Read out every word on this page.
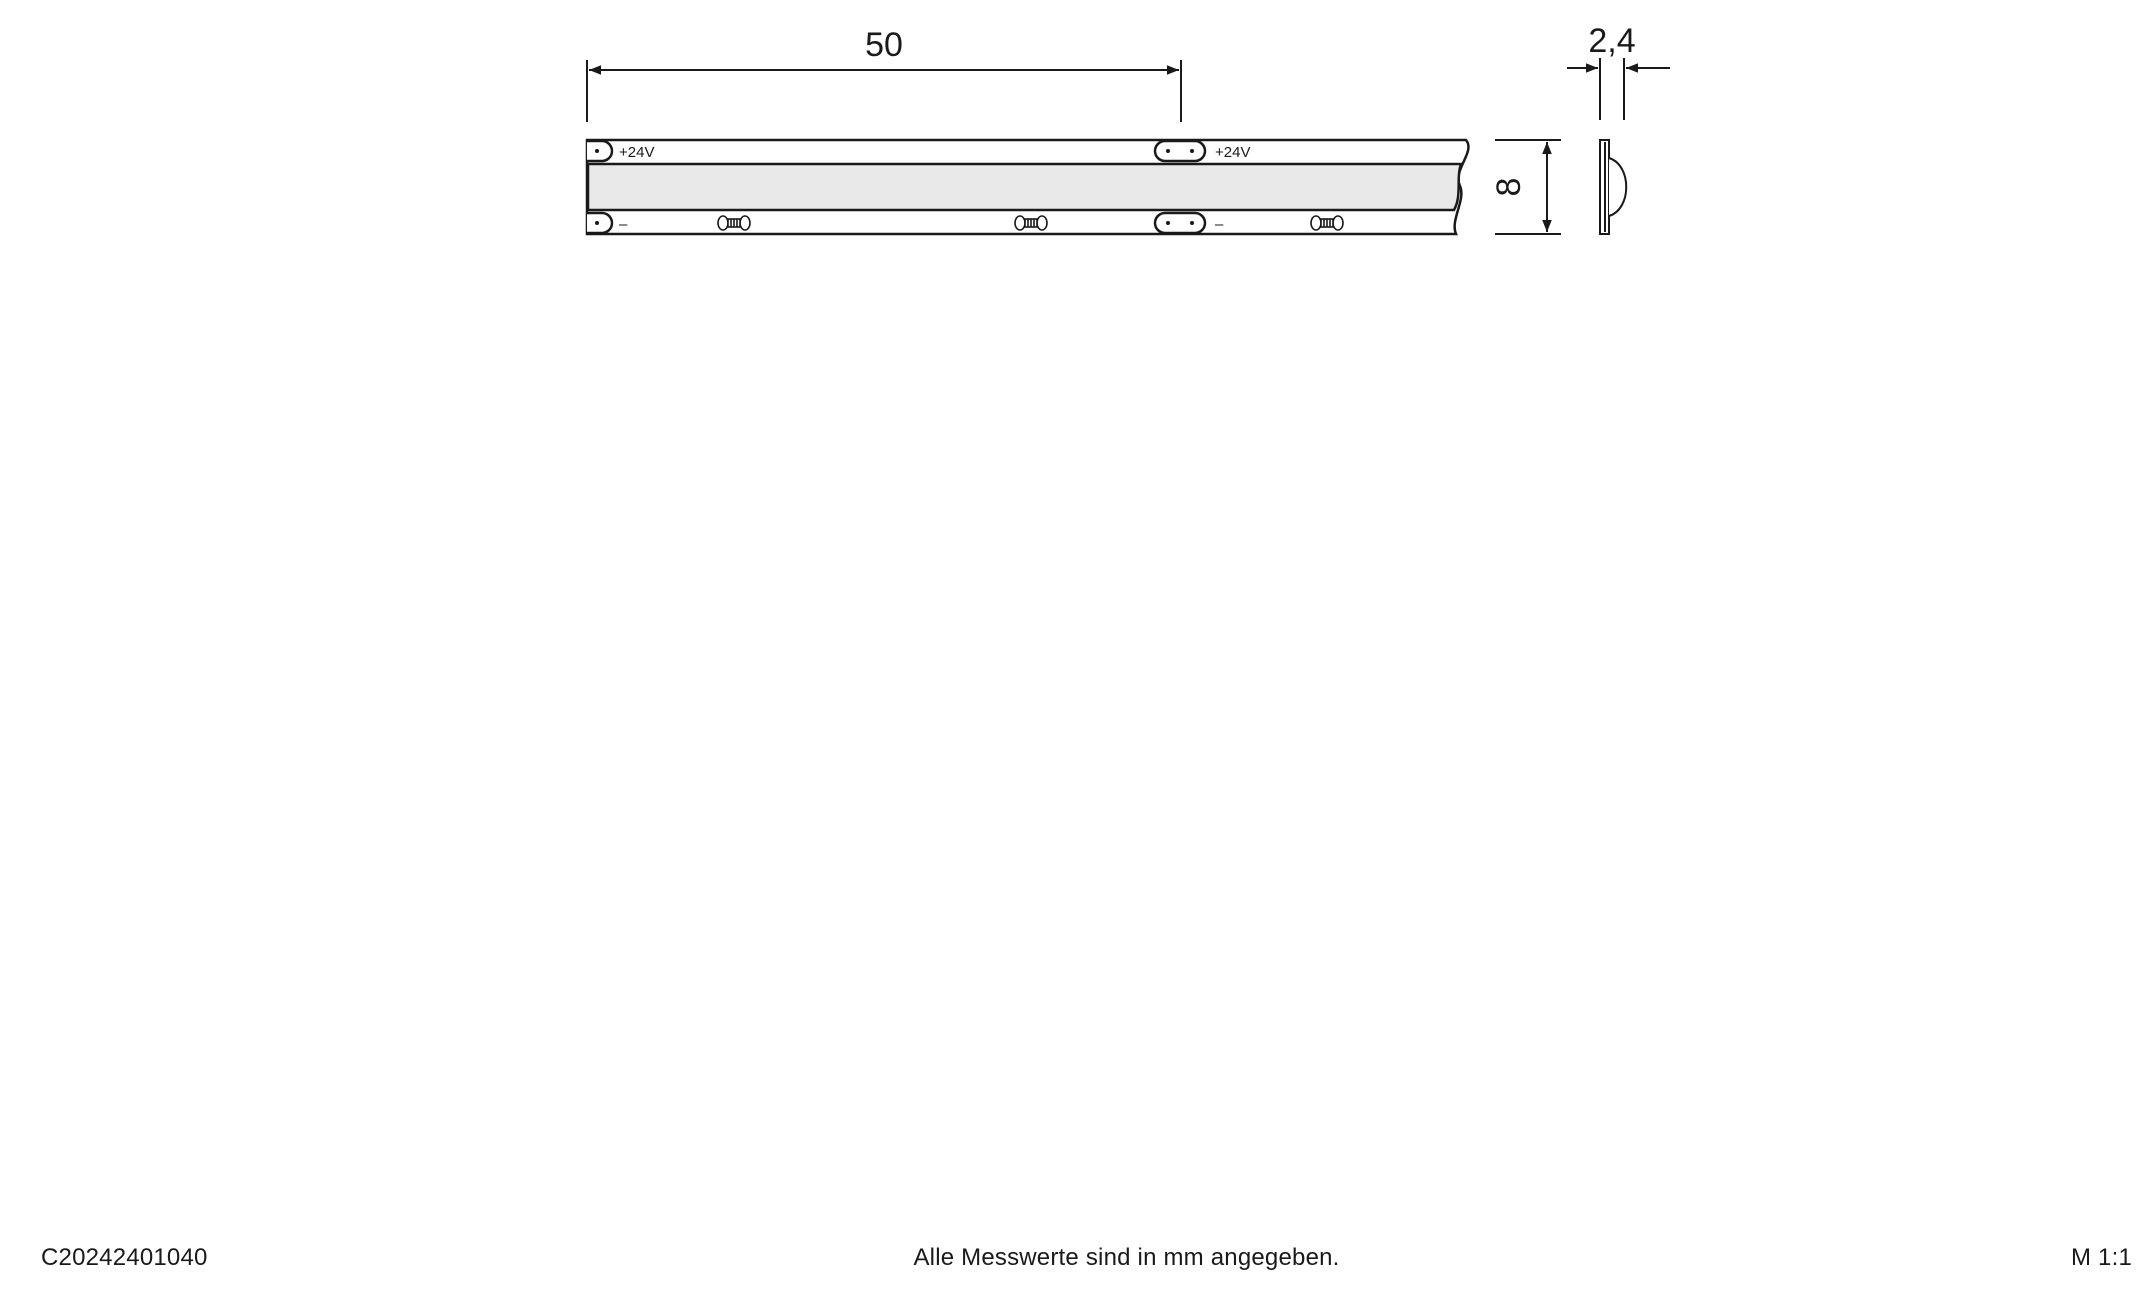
50
+24V	+24V
–	–
8
2,4
C20242401040	Alle Messwerte sind in mm angegeben.	M 1:1
